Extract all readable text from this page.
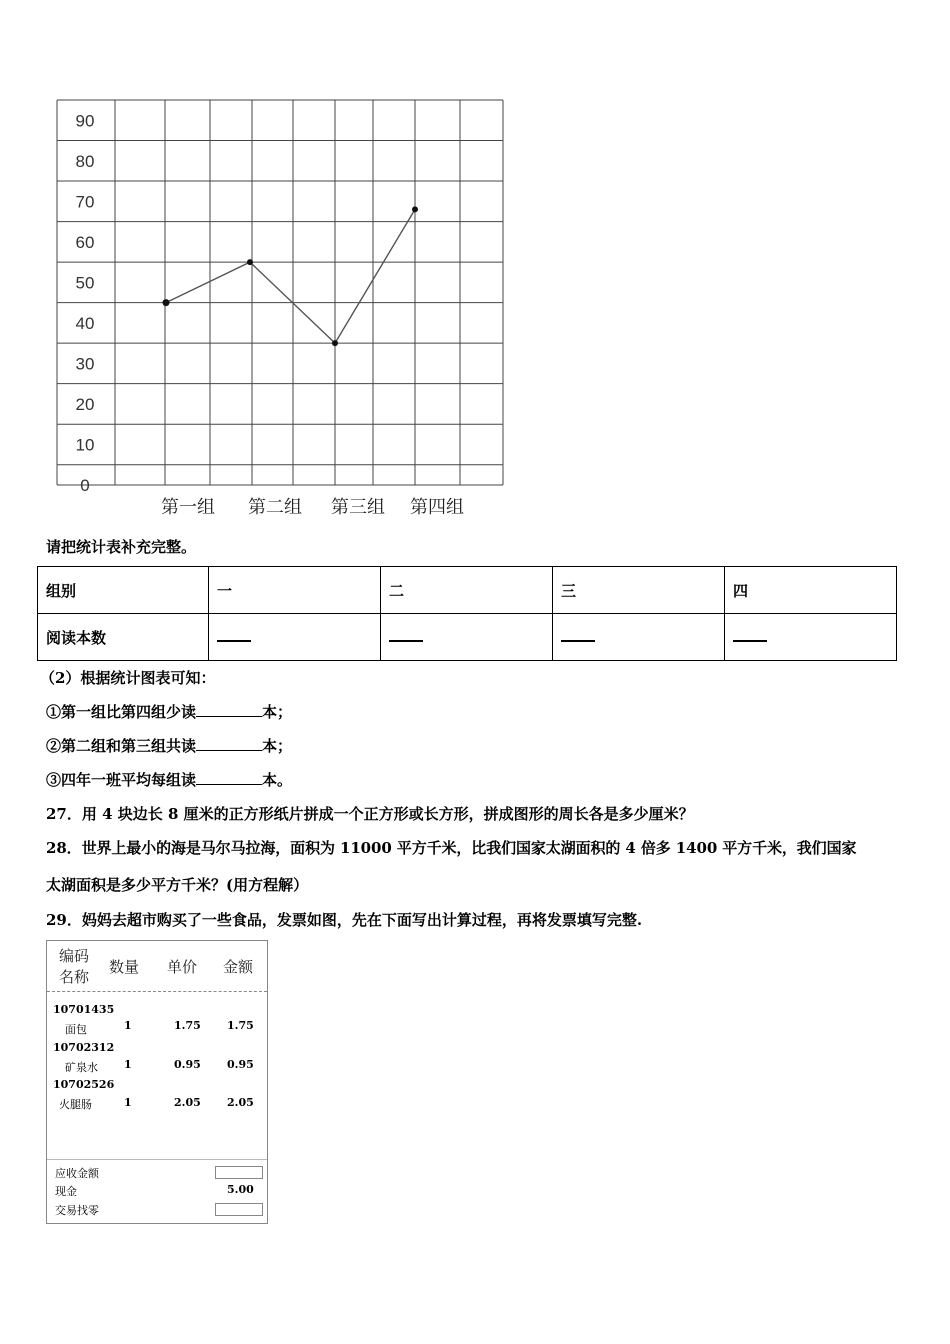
0
10
20
30
40
50
60
70
80
90
第一组 第二组 第三组 第四组
请把统计表补充完整。
组别	一	二	三	四
阅读本数				
（2）根据统计图表可知：
①第一组比第四组少读	本；
②第二组和第三组共读	本；
③四年一班平均每组读	本。
27．用 4 块边长 8 厘米的正方形纸片拼成一个正方形或长方形，拼成图形的周长各是多少厘米？
28．世界上最小的海是马尔马拉海，面积为 11000 平方千米，比我们国家太湖面积的 4 倍多 1400 平方千米，我们国家
太湖面积是多少平方千米？(用方程解）
29．妈妈去超市购买了一些食品，发票如图，先在下面写出计算过程，再将发票填写完整.
编码
名称
数量 单价 金额
10701435
面包	1	1.75 1.75
10702312
矿泉水 1	0.95 0.95
10702526
火腿肠	1	2.05 2.05
应收金额
现金	5.00
交易找零
